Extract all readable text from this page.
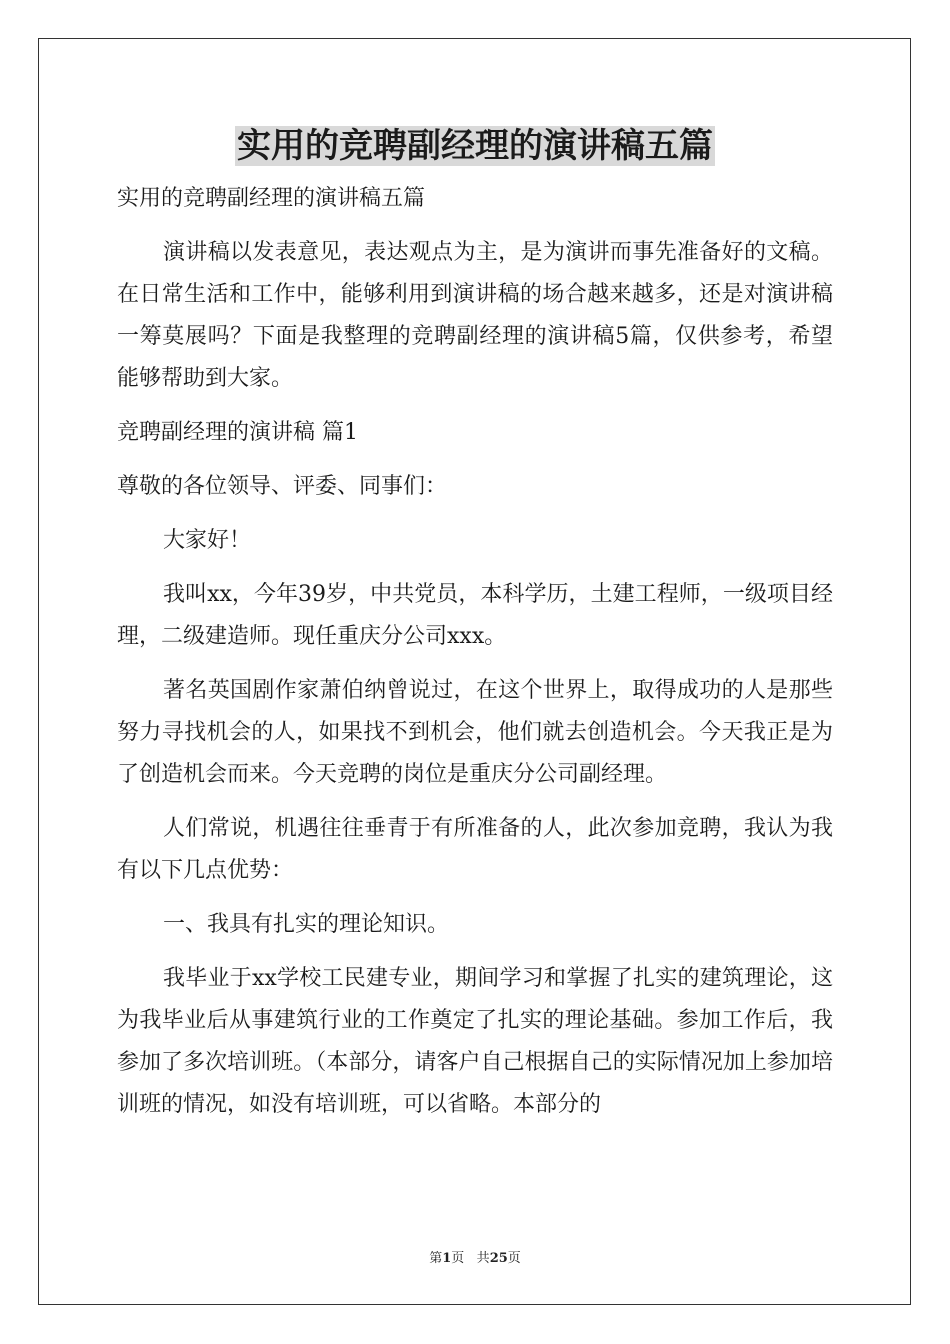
实用的竞聘副经理的演讲稿五篇

实用的竞聘副经理的演讲稿五篇

演讲稿以发表意见，表达观点为主，是为演讲而事先准备好的文稿。在日常生活和工作中，能够利用到演讲稿的场合越来越多，还是对演讲稿一筹莫展吗？下面是我整理的竞聘副经理的演讲稿5篇，仅供参考，希望能够帮助到大家。

竞聘副经理的演讲稿 篇1

尊敬的各位领导、评委、同事们：

大家好！

我叫xx，今年39岁，中共党员，本科学历，土建工程师，一级项目经理，二级建造师。现任重庆分公司xxx。

著名英国剧作家萧伯纳曾说过，在这个世界上，取得成功的人是那些努力寻找机会的人，如果找不到机会，他们就去创造机会。今天我正是为了创造机会而来。今天竞聘的岗位是重庆分公司副经理。

人们常说，机遇往往垂青于有所准备的人，此次参加竞聘，我认为我有以下几点优势：

一、我具有扎实的理论知识。

我毕业于xx学校工民建专业，期间学习和掌握了扎实的建筑理论，这为我毕业后从事建筑行业的工作奠定了扎实的理论基础。参加工作后，我参加了多次培训班。（本部分，请客户自己根据自己的实际情况加上参加培训班的情况，如没有培训班，可以省略。本部分的

第1页 共25页
